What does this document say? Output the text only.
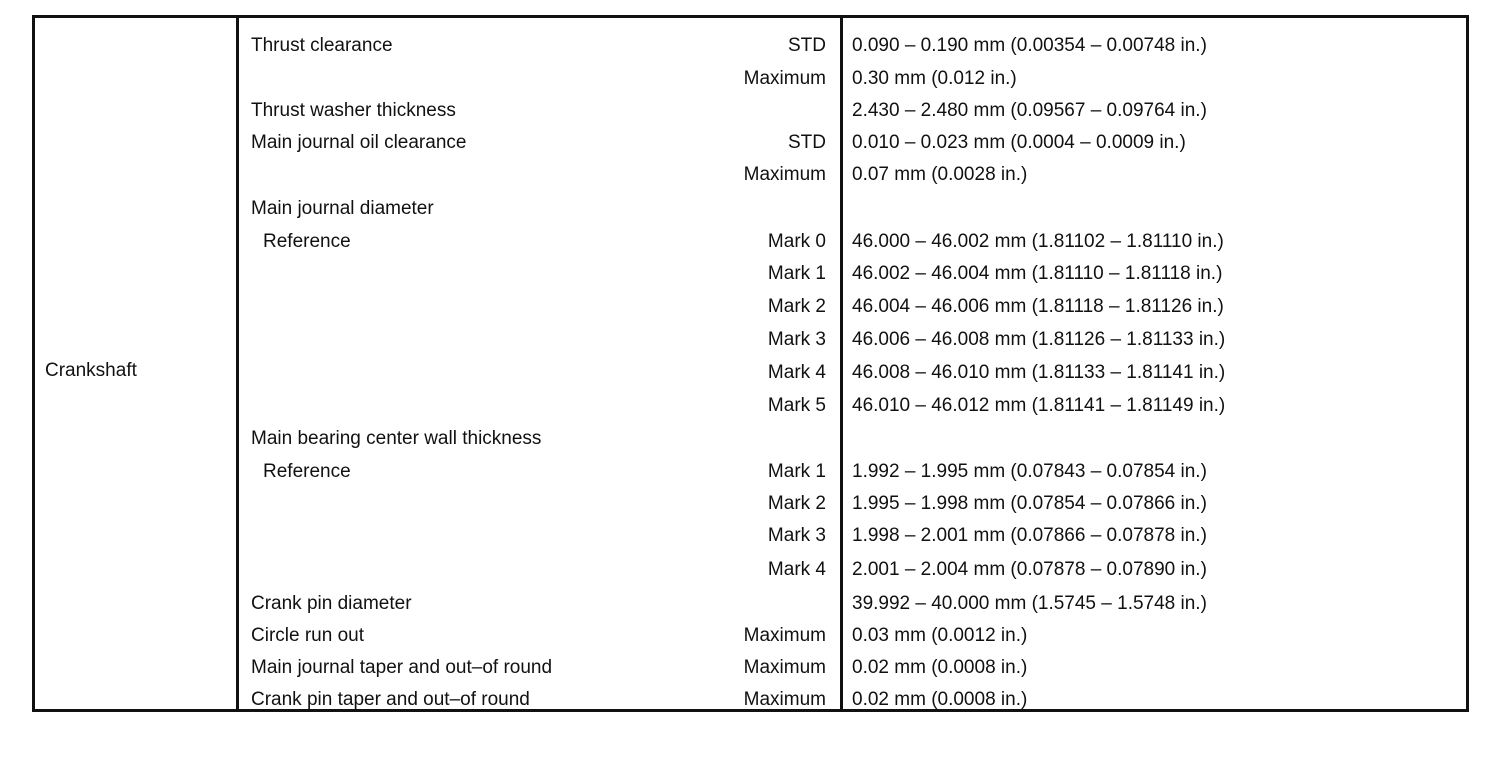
Crankshaft
Thrust clearance	STD 0.090 – 0.190 mm (0.00354 – 0.00748 in.)
Maximum 0.30 mm (0.012 in.)
Thrust washer thickness	2.430 – 2.480 mm (0.09567 – 0.09764 in.)
Main journal oil clearance	STD 0.010 – 0.023 mm (0.0004 – 0.0009 in.)
Maximum 0.07 mm (0.0028 in.)
Main journal diameter
Reference	Mark 0 46.000 – 46.002 mm (1.81102 – 1.81110 in.)
Mark 1 46.002 – 46.004 mm (1.81110 – 1.81118 in.)
Mark 2 46.004 – 46.006 mm (1.81118 – 1.81126 in.)
Mark 3 46.006 – 46.008 mm (1.81126 – 1.81133 in.)
Mark 4 46.008 – 46.010 mm (1.81133 – 1.81141 in.)
Mark 5 46.010 – 46.012 mm (1.81141 – 1.81149 in.)
Main bearing center wall thickness
Reference	Mark 1 1.992 – 1.995 mm (0.07843 – 0.07854 in.)
Mark 2 1.995 – 1.998 mm (0.07854 – 0.07866 in.)
Mark 3 1.998 – 2.001 mm (0.07866 – 0.07878 in.)
Mark 4 2.001 – 2.004 mm (0.07878 – 0.07890 in.)
Crank pin diameter	39.992 – 40.000 mm (1.5745 – 1.5748 in.)
Circle run out	Maximum 0.03 mm (0.0012 in.)
Main journal taper and out–of round	Maximum 0.02 mm (0.0008 in.)
Crank pin taper and out–of round	Maximum 0.02 mm (0.0008 in.)
